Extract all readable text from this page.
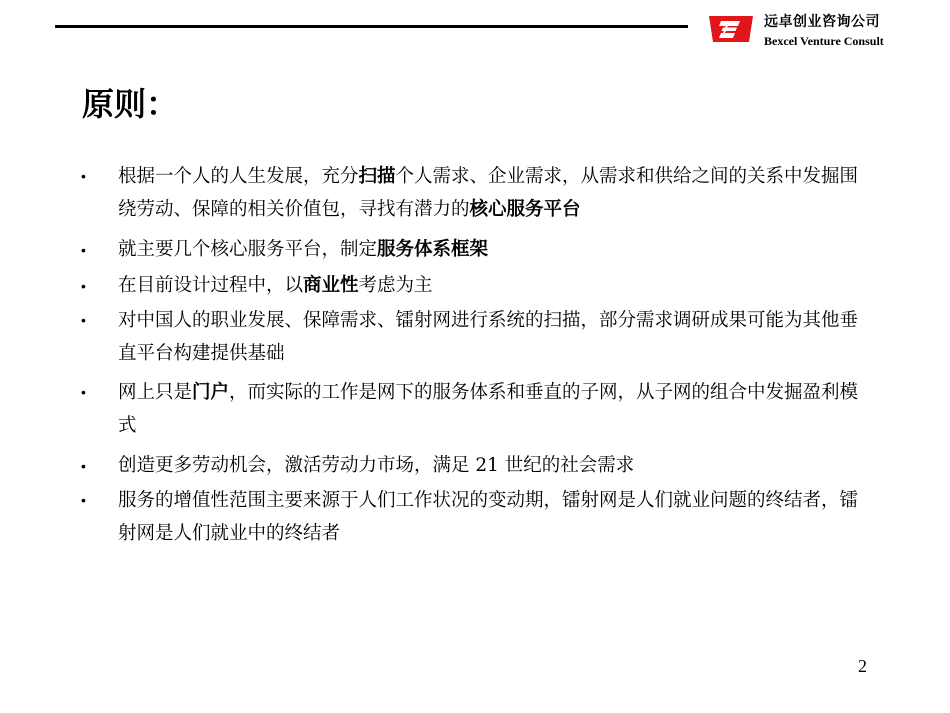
远卓创业咨询公司
Bexcel Venture Consult
原则：
• 根据一个人的人生发展，充分扫描个人需求、企业需求，从需求和供给之间的关系中发掘围绕劳动、保障的相关价值包，寻找有潜力的核心服务平台
• 就主要几个核心服务平台，制定服务体系框架
• 在目前设计过程中，以商业性考虑为主
• 对中国人的职业发展、保障需求、镭射网进行系统的扫描，部分需求调研成果可能为其他垂直平台构建提供基础
• 网上只是门户，而实际的工作是网下的服务体系和垂直的子网，从子网的组合中发掘盈利模式
• 创造更多劳动机会，激活劳动力市场，满足 21 世纪的社会需求
• 服务的增值性范围主要来源于人们工作状况的变动期，镭射网是人们就业问题的终结者，镭射网是人们就业中的终结者
2
